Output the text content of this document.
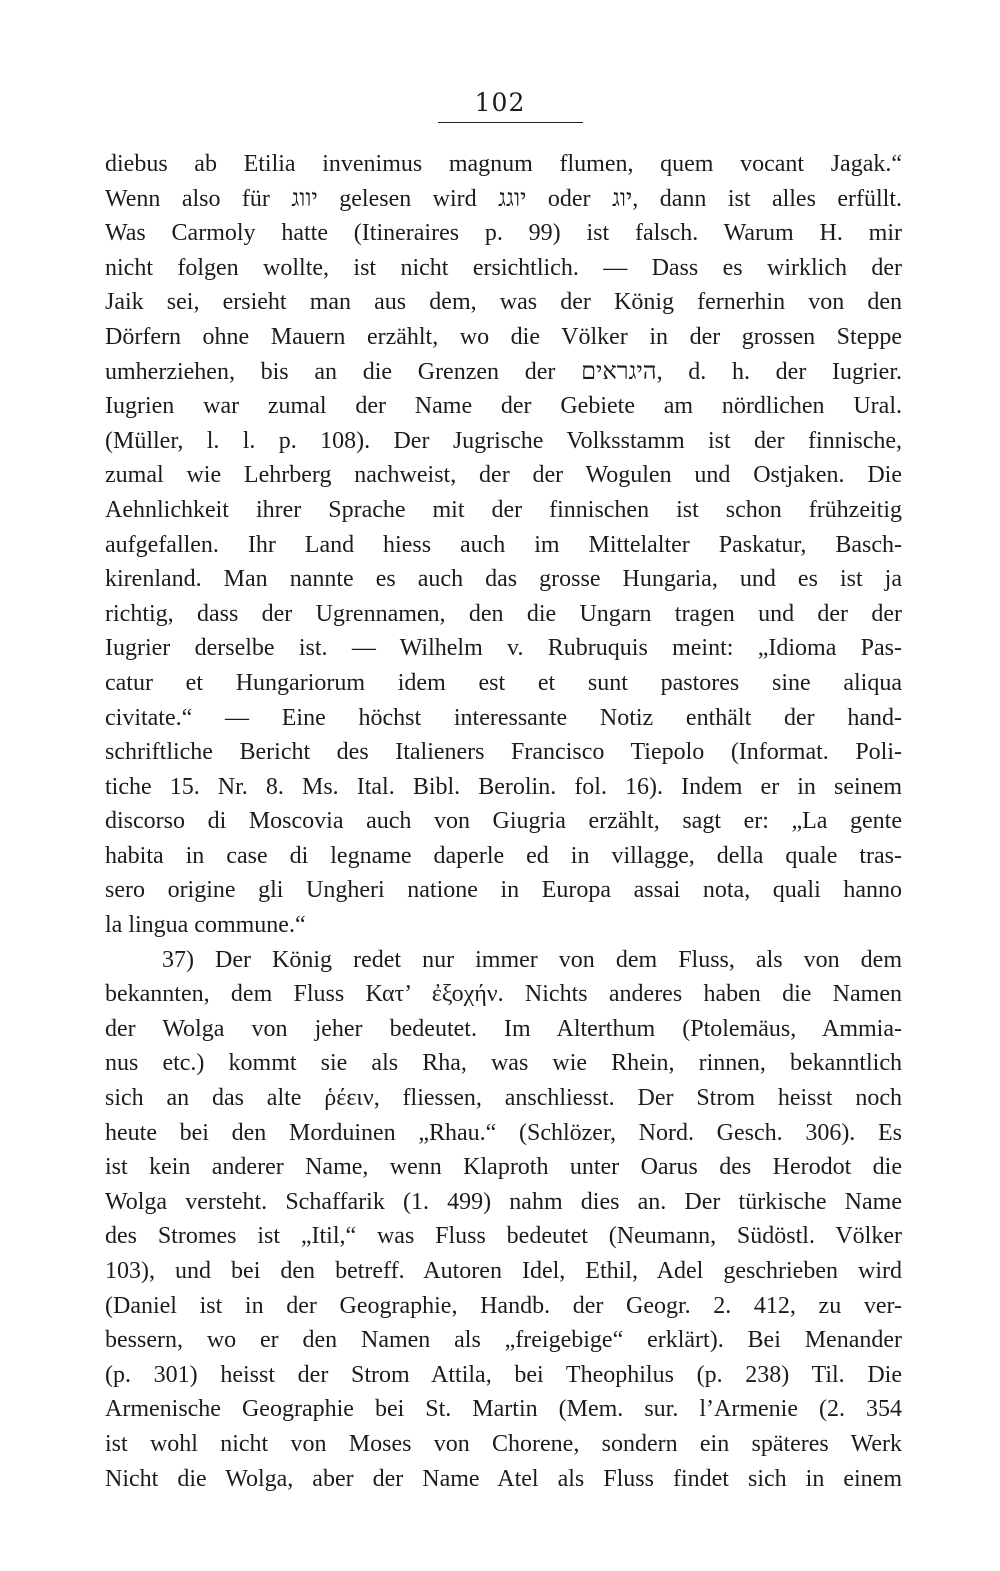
102
diebus ab Etilia invenimus magnum flumen, quem vocant Jagak.“
Wenn also für יווג gelesen wird יוגג oder יוג, dann ist alles erfüllt.
Was Carmoly hatte (Itineraires p. 99) ist falsch. Warum H. mir
nicht folgen wollte, ist nicht ersichtlich. — Dass es wirklich der
Jaik sei, ersieht man aus dem, was der König fernerhin von den
Dörfern ohne Mauern erzählt, wo die Völker in der grossen Steppe
umherziehen, bis an die Grenzen der היגראים, d. h. der Iugrier.
Iugrien war zumal der Name der Gebiete am nördlichen Ural.
(Müller, l. l. p. 108). Der Jugrische Volksstamm ist der finnische,
zumal wie Lehrberg nachweist, der der Wogulen und Ostjaken. Die
Aehnlichkeit ihrer Sprache mit der finnischen ist schon frühzeitig
aufgefallen. Ihr Land hiess auch im Mittelalter Paskatur, Basch-
kirenland. Man nannte es auch das grosse Hungaria, und es ist ja
richtig, dass der Ugrennamen, den die Ungarn tragen und der der
Iugrier derselbe ist. — Wilhelm v. Rubruquis meint: „Idioma Pas-
catur et Hungariorum idem est et sunt pastores sine aliqua
civitate.“ — Eine höchst interessante Notiz enthält der hand-
schriftliche Bericht des Italieners Francisco Tiepolo (Informat. Poli-
tiche 15. Nr. 8. Ms. Ital. Bibl. Berolin. fol. 16). Indem er in seinem
discorso di Moscovia auch von Giugria erzählt, sagt er: „La gente
habita in case di legname daperle ed in villagge, della quale tras-
sero origine gli Ungheri natione in Europa assai nota, quali hanno
la lingua commune.“
37) Der König redet nur immer von dem Fluss, als von dem
bekannten, dem Fluss Κατ’ ἐξοχήν. Nichts anderes haben die Namen
der Wolga von jeher bedeutet. Im Alterthum (Ptolemäus, Ammia-
nus etc.) kommt sie als Rha, was wie Rhein, rinnen, bekanntlich
sich an das alte ῥέειν, fliessen, anschliesst. Der Strom heisst noch
heute bei den Morduinen „Rhau.“ (Schlözer, Nord. Gesch. 306). Es
ist kein anderer Name, wenn Klaproth unter Oarus des Herodot die
Wolga versteht. Schaffarik (1. 499) nahm dies an. Der türkische Name
des Stromes ist „Itil,“ was Fluss bedeutet (Neumann, Südöstl. Völker
103), und bei den betreff. Autoren Idel, Ethil, Adel geschrieben wird
(Daniel ist in der Geographie, Handb. der Geogr. 2. 412, zu ver-
bessern, wo er den Namen als „freigebige“ erklärt). Bei Menander
(p. 301) heisst der Strom Attila, bei Theophilus (p. 238) Til. Die
Armenische Geographie bei St. Martin (Mem. sur. l’Armenie (2. 354
ist wohl nicht von Moses von Chorene, sondern ein späteres Werk
Nicht die Wolga, aber der Name Atel als Fluss findet sich in einem
